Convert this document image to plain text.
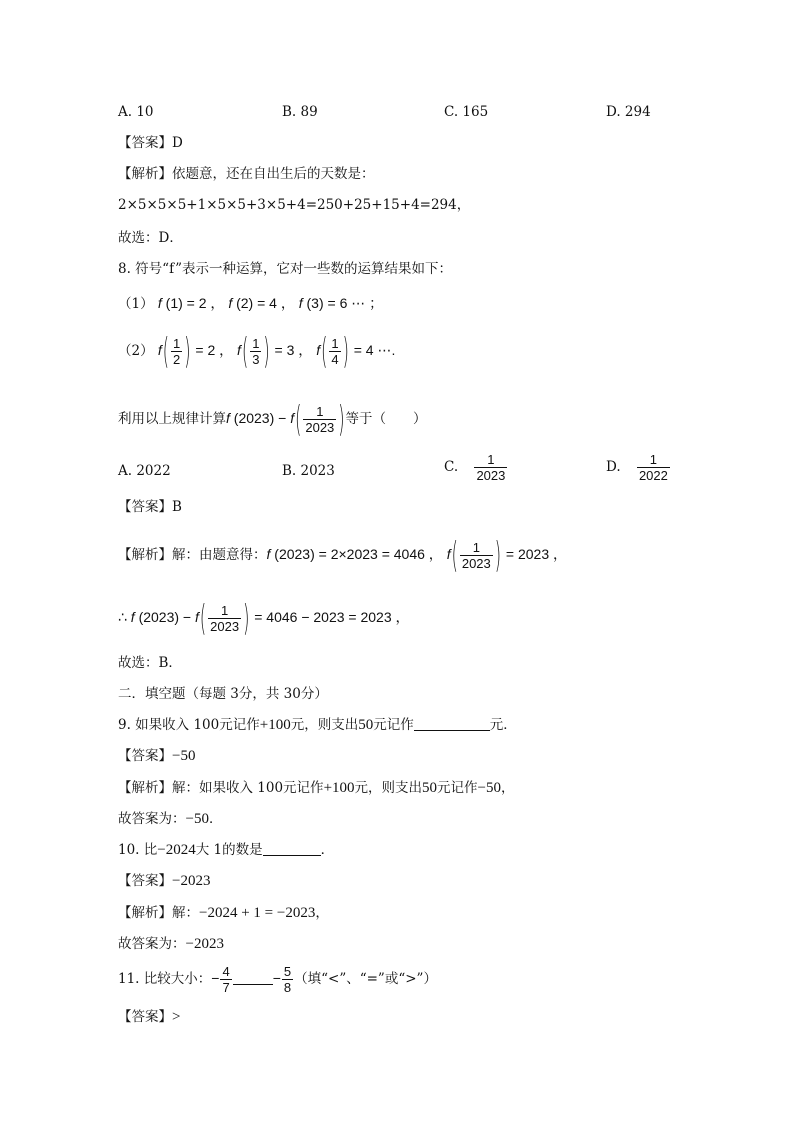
A. 10	B. 89	C. 165	D. 294
【答案】D
【解析】依题意，还在自出生后的天数是：
2×5×5×5+1×5×5+3×5+4=250+25+15+4=294，
故选：D．
8. 符号“f”表示一种运算，它对一些数的运算结果如下：
（1） f (1) = 2 ， f (2) = 4 ， f (3) = 6 ⋯ ；
（2） $f( \frac{1}{2}$ ) = 2 ， $f( \frac{1}{3}$ ) = 3 ， $f( \frac{1}{4}$ ) = 4 ⋯.
利用以上规律计算f $(2023) - f( \frac{1}{2023}$ )等于（　　）
A. 2022	B. 2023	C. $\frac{1}{2023}$	D. $\frac{1}{2022}$
【答案】B
【解析】解：由题意得：f (2023) = 2×2023 = 4046 ， $f( \frac{1}{2023}$ ) = 2023 ，
∴ f $(2023) - f( \frac{1}{2023}$ ) = 4046 − 2023 = 2023 ，
故选：B．
二．填空题（每题 3分，共 30分）
9. 如果收入 100元记作+100元，则支出50元记作	元．
【答案】−50
【解析】解：如果收入 100元记作+100元，则支出50元记作−50，
故答案为：−50．
10. 比−2024大 1的数是	．
【答案】−2023
【解析】解：−2024 + 1 = −2023，
故答案为：−2023
11. 比较大小：− $\frac{4}{7}$	− $\frac{5}{8}$ （填“<”、“=”或“>”）
【答案】>
